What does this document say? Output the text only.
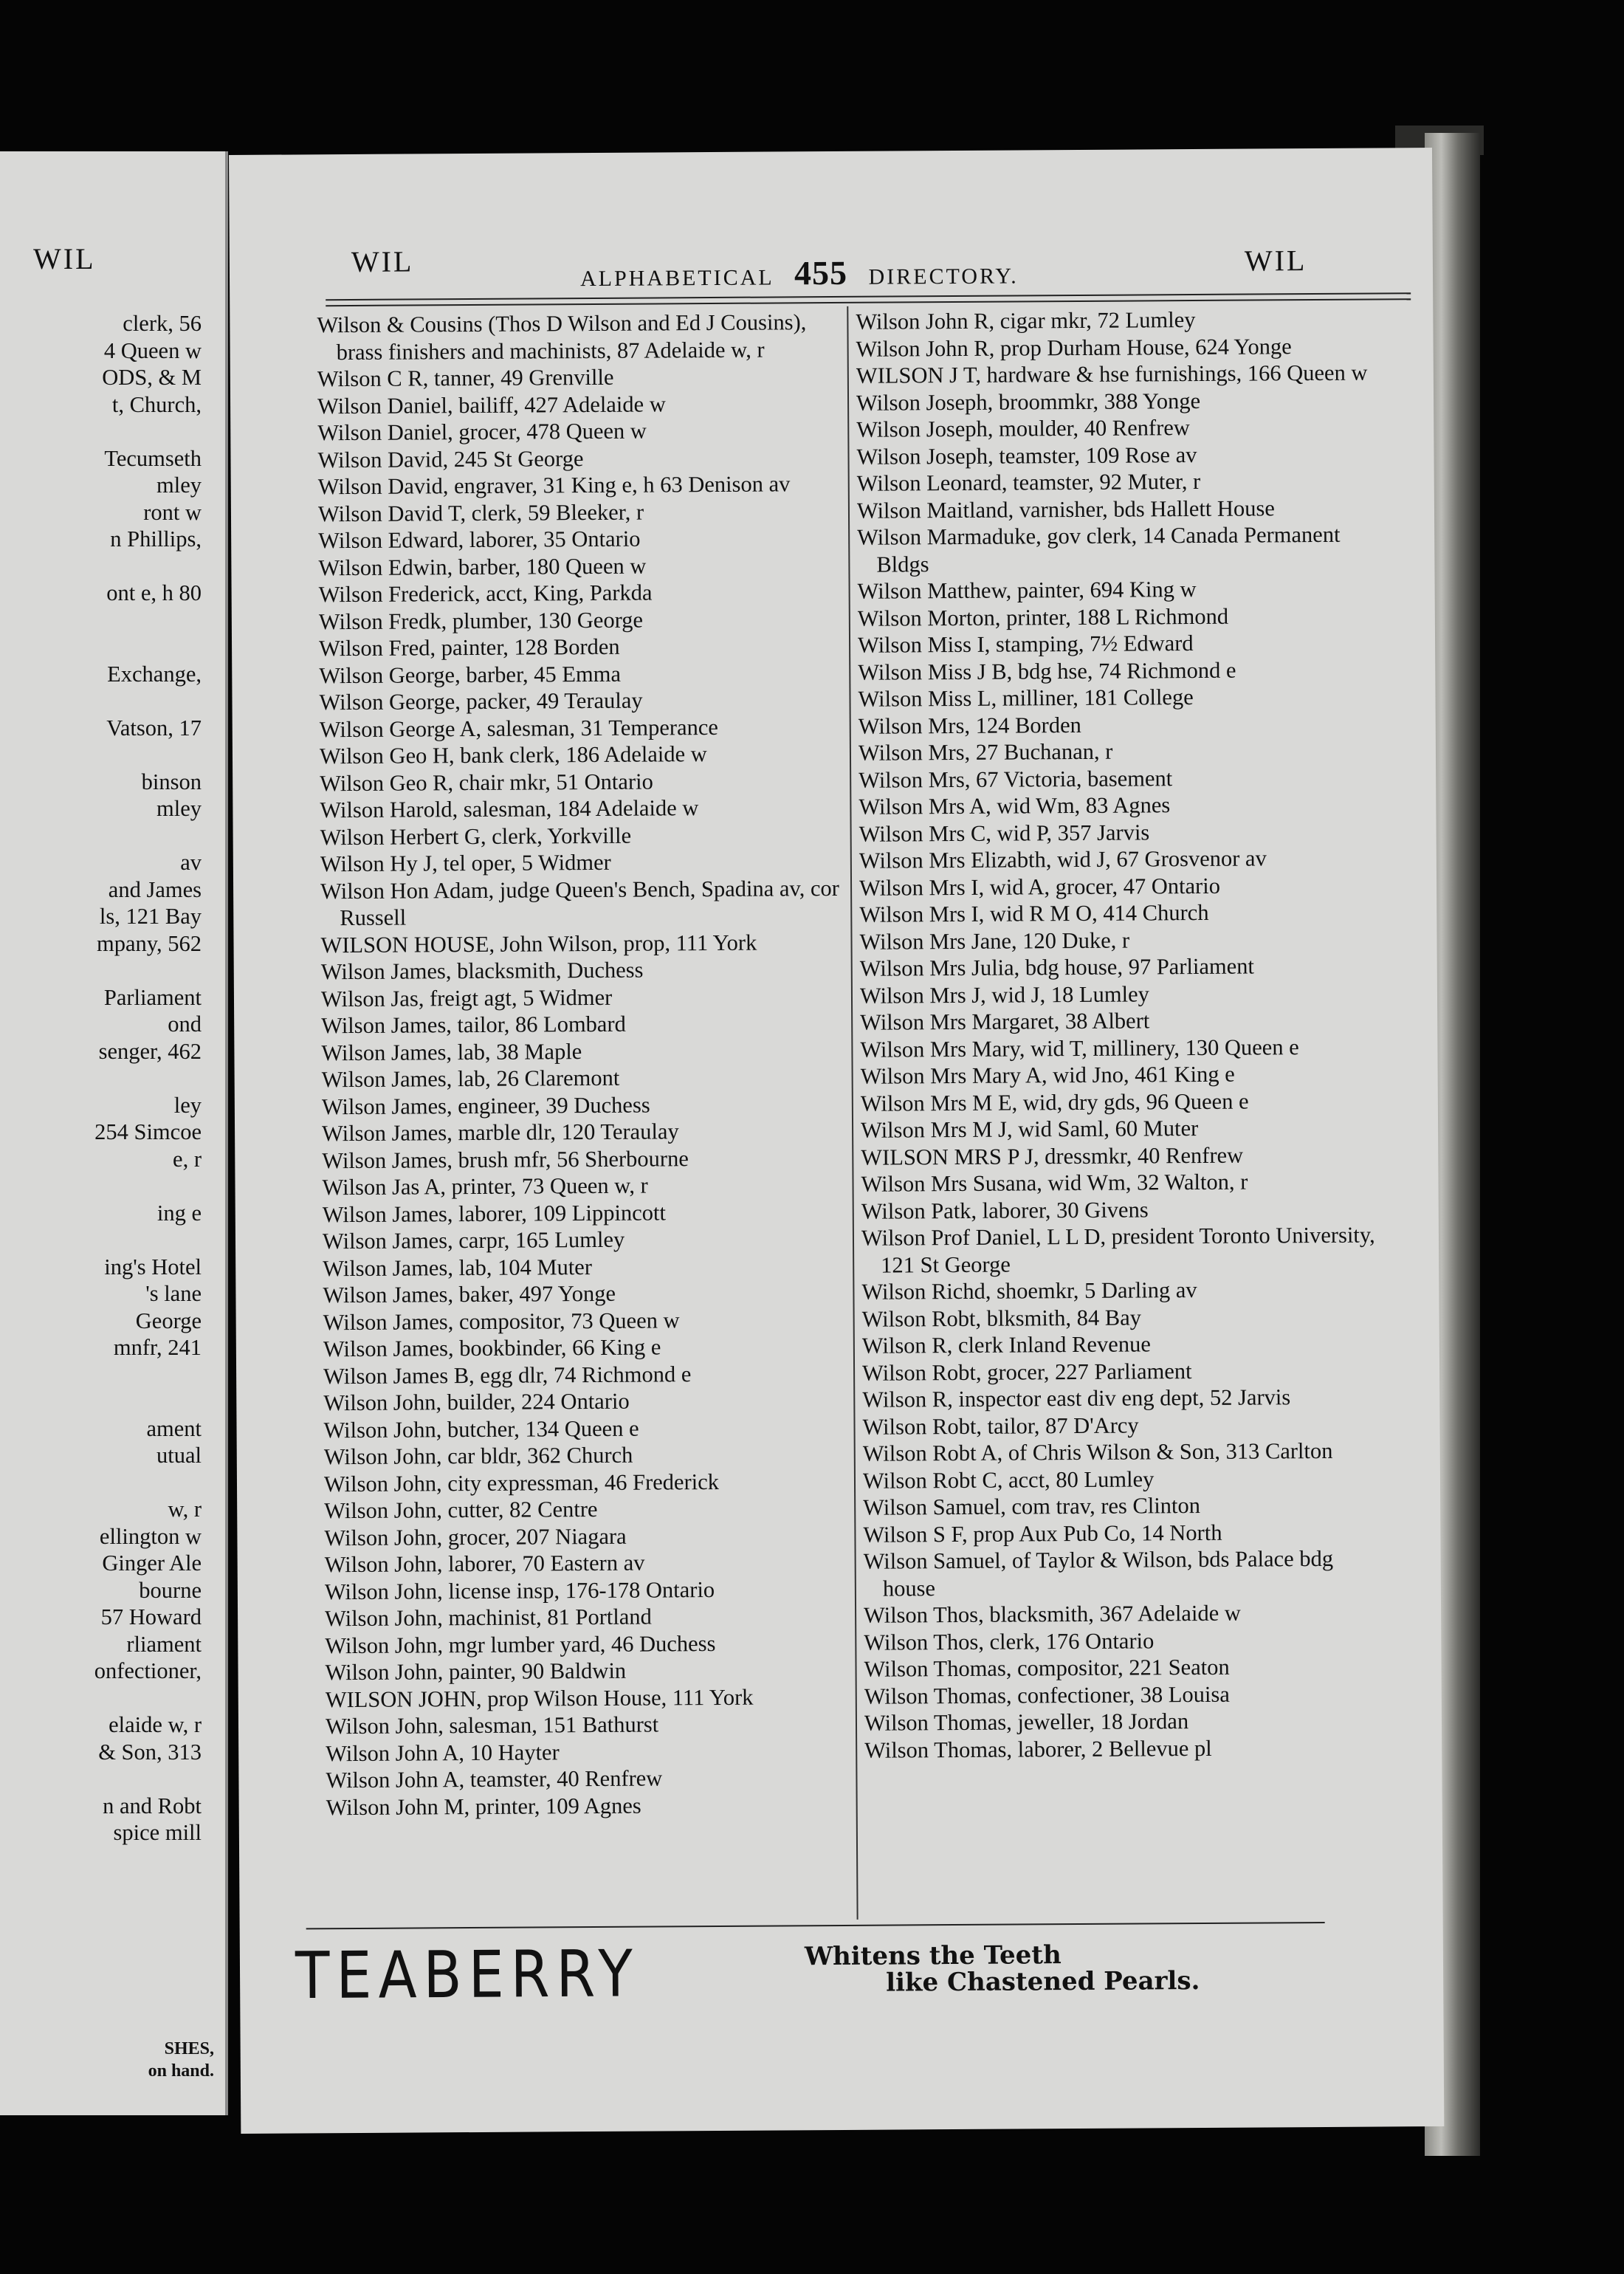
WIL
clerk, 56
4 Queen w
ODS, & M
t, Church,
Tecumseth
mley
ront w
n Phillips,
ont e, h 80
Exchange,
Vatson, 17
binson
mley
av
and James
ls, 121 Bay
mpany, 562
Parliament
ond
senger, 462
ley
254 Simcoe
e, r
ing e
ing's Hotel
's lane
George
mnfr, 241
ament
utual
w, r
ellington w
Ginger Ale
bourne
57 Howard
rliament
onfectioner,
elaide w, r
& Son, 313
n and Robt
spice mill
SHES,
on hand.
WIL	ALPHABETICAL 455 DIRECTORY.	WIL
Wilson & Cousins (Thos D Wilson and Ed J Cousins), brass finishers and machinists, 87 Adelaide w, r
Wilson C R, tanner, 49 Grenville
Wilson Daniel, bailiff, 427 Adelaide w
Wilson Daniel, grocer, 478 Queen w
Wilson David, 245 St George
Wilson David, engraver, 31 King e, h 63 Denison av
Wilson David T, clerk, 59 Bleeker, r
Wilson Edward, laborer, 35 Ontario
Wilson Edwin, barber, 180 Queen w
Wilson Frederick, acct, King, Parkda
Wilson Fredk, plumber, 130 George
Wilson Fred, painter, 128 Borden
Wilson George, barber, 45 Emma
Wilson George, packer, 49 Teraulay
Wilson George A, salesman, 31 Temperance
Wilson Geo H, bank clerk, 186 Adelaide w
Wilson Geo R, chair mkr, 51 Ontario
Wilson Harold, salesman, 184 Adelaide w
Wilson Herbert G, clerk, Yorkville
Wilson Hy J, tel oper, 5 Widmer
Wilson Hon Adam, judge Queen's Bench, Spadina av, cor Russell
WILSON HOUSE, John Wilson, prop, 111 York
Wilson James, blacksmith, Duchess
Wilson Jas, freigt agt, 5 Widmer
Wilson James, tailor, 86 Lombard
Wilson James, lab, 38 Maple
Wilson James, lab, 26 Claremont
Wilson James, engineer, 39 Duchess
Wilson James, marble dlr, 120 Teraulay
Wilson James, brush mfr, 56 Sherbourne
Wilson Jas A, printer, 73 Queen w, r
Wilson James, laborer, 109 Lippincott
Wilson James, carpr, 165 Lumley
Wilson James, lab, 104 Muter
Wilson James, baker, 497 Yonge
Wilson James, compositor, 73 Queen w
Wilson James, bookbinder, 66 King e
Wilson James B, egg dlr, 74 Richmond e
Wilson John, builder, 224 Ontario
Wilson John, butcher, 134 Queen e
Wilson John, car bldr, 362 Church
Wilson John, city expressman, 46 Frederick
Wilson John, cutter, 82 Centre
Wilson John, grocer, 207 Niagara
Wilson John, laborer, 70 Eastern av
Wilson John, license insp, 176-178 Ontario
Wilson John, machinist, 81 Portland
Wilson John, mgr lumber yard, 46 Duchess
Wilson John, painter, 90 Baldwin
WILSON JOHN, prop Wilson House, 111 York
Wilson John, salesman, 151 Bathurst
Wilson John A, 10 Hayter
Wilson John A, teamster, 40 Renfrew
Wilson John M, printer, 109 Agnes
Wilson John R, cigar mkr, 72 Lumley
Wilson John R, prop Durham House, 624 Yonge
WILSON J T, hardware & hse furnishings, 166 Queen w
Wilson Joseph, broommkr, 388 Yonge
Wilson Joseph, moulder, 40 Renfrew
Wilson Joseph, teamster, 109 Rose av
Wilson Leonard, teamster, 92 Muter, r
Wilson Maitland, varnisher, bds Hallett House
Wilson Marmaduke, gov clerk, 14 Canada Permanent Bldgs
Wilson Matthew, painter, 694 King w
Wilson Morton, printer, 188 L Richmond
Wilson Miss I, stamping, 7½ Edward
Wilson Miss J B, bdg hse, 74 Richmond e
Wilson Miss L, milliner, 181 College
Wilson Mrs, 124 Borden
Wilson Mrs, 27 Buchanan, r
Wilson Mrs, 67 Victoria, basement
Wilson Mrs A, wid Wm, 83 Agnes
Wilson Mrs C, wid P, 357 Jarvis
Wilson Mrs Elizabth, wid J, 67 Grosvenor av
Wilson Mrs I, wid A, grocer, 47 Ontario
Wilson Mrs I, wid R M O, 414 Church
Wilson Mrs Jane, 120 Duke, r
Wilson Mrs Julia, bdg house, 97 Parliament
Wilson Mrs J, wid J, 18 Lumley
Wilson Mrs Margaret, 38 Albert
Wilson Mrs Mary, wid T, millinery, 130 Queen e
Wilson Mrs Mary A, wid Jno, 461 King e
Wilson Mrs M E, wid, dry gds, 96 Queen e
Wilson Mrs M J, wid Saml, 60 Muter
WILSON MRS P J, dressmkr, 40 Renfrew
Wilson Mrs Susana, wid Wm, 32 Walton, r
Wilson Patk, laborer, 30 Givens
Wilson Prof Daniel, L L D, president Toronto University, 121 St George
Wilson Richd, shoemkr, 5 Darling av
Wilson Robt, blksmith, 84 Bay
Wilson R, clerk Inland Revenue
Wilson Robt, grocer, 227 Parliament
Wilson R, inspector east div eng dept, 52 Jarvis
Wilson Robt, tailor, 87 D'Arcy
Wilson Robt A, of Chris Wilson & Son, 313 Carlton
Wilson Robt C, acct, 80 Lumley
Wilson Samuel, com trav, res Clinton
Wilson S F, prop Aux Pub Co, 14 North
Wilson Samuel, of Taylor & Wilson, bds Palace bdg house
Wilson Thos, blacksmith, 367 Adelaide w
Wilson Thos, clerk, 176 Ontario
Wilson Thomas, compositor, 221 Seaton
Wilson Thomas, confectioner, 38 Louisa
Wilson Thomas, jeweller, 18 Jordan
Wilson Thomas, laborer, 2 Bellevue pl
TEABERRY	Whitens the Teeth
like Chastened Pearls.
